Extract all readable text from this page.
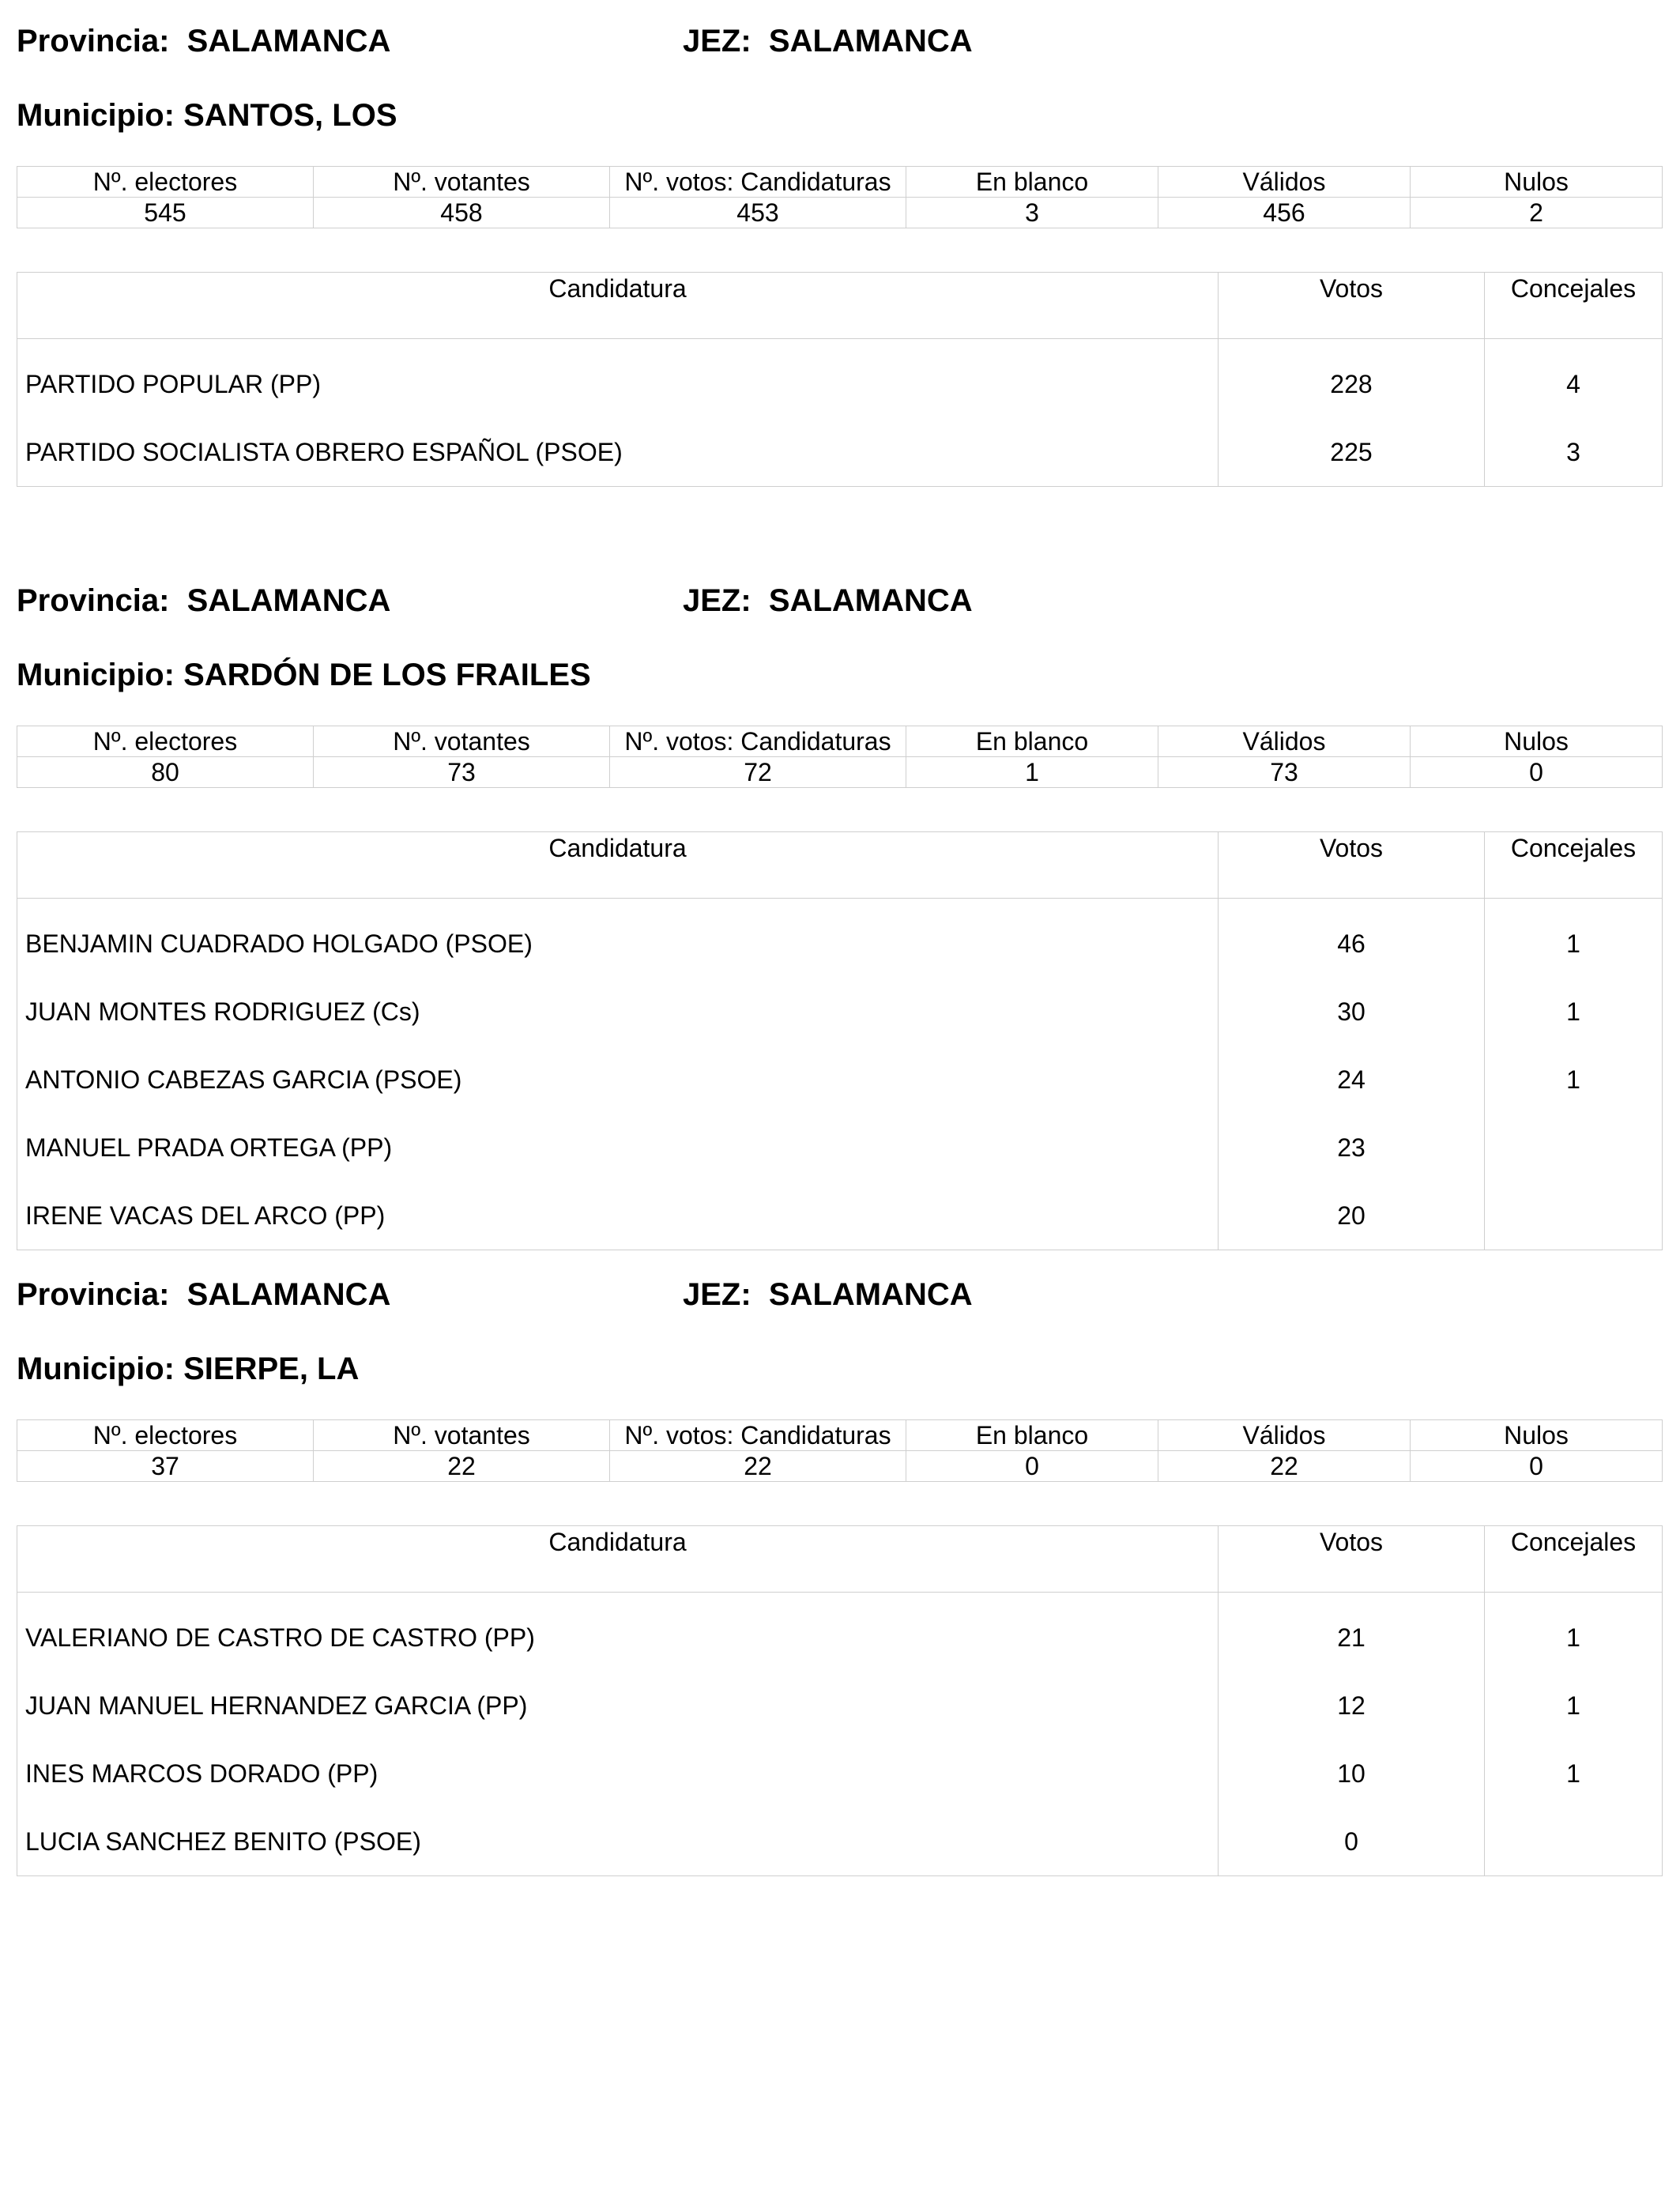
Provincia: SALAMANCA	JEZ: SALAMANCA
Municipio: SANTOS, LOS
Nº. electores	Nº. votantes	Nº. votos: Candidaturas	En blanco	Válidos	Nulos
545	458	453	3	456	2
Candidatura	Votos	Concejales
PARTIDO POPULAR (PP)	228	4
PARTIDO SOCIALISTA OBRERO ESPAÑOL (PSOE)	225	3
Provincia: SALAMANCA	JEZ: SALAMANCA
Municipio: SARDÓN DE LOS FRAILES
Nº. electores	Nº. votantes	Nº. votos: Candidaturas	En blanco	Válidos	Nulos
80	73	72	1	73	0
Candidatura	Votos	Concejales
BENJAMIN CUADRADO HOLGADO (PSOE)	46	1
JUAN MONTES RODRIGUEZ (Cs)	30	1
ANTONIO CABEZAS GARCIA (PSOE)	24	1
MANUEL PRADA ORTEGA (PP)	23	
IRENE VACAS DEL ARCO (PP)	20	
Provincia: SALAMANCA	JEZ: SALAMANCA
Municipio: SIERPE, LA
Nº. electores	Nº. votantes	Nº. votos: Candidaturas	En blanco	Válidos	Nulos
37	22	22	0	22	0
Candidatura	Votos	Concejales
VALERIANO DE CASTRO DE CASTRO (PP)	21	1
JUAN MANUEL HERNANDEZ GARCIA (PP)	12	1
INES MARCOS DORADO (PP)	10	1
LUCIA SANCHEZ BENITO (PSOE)	0	
